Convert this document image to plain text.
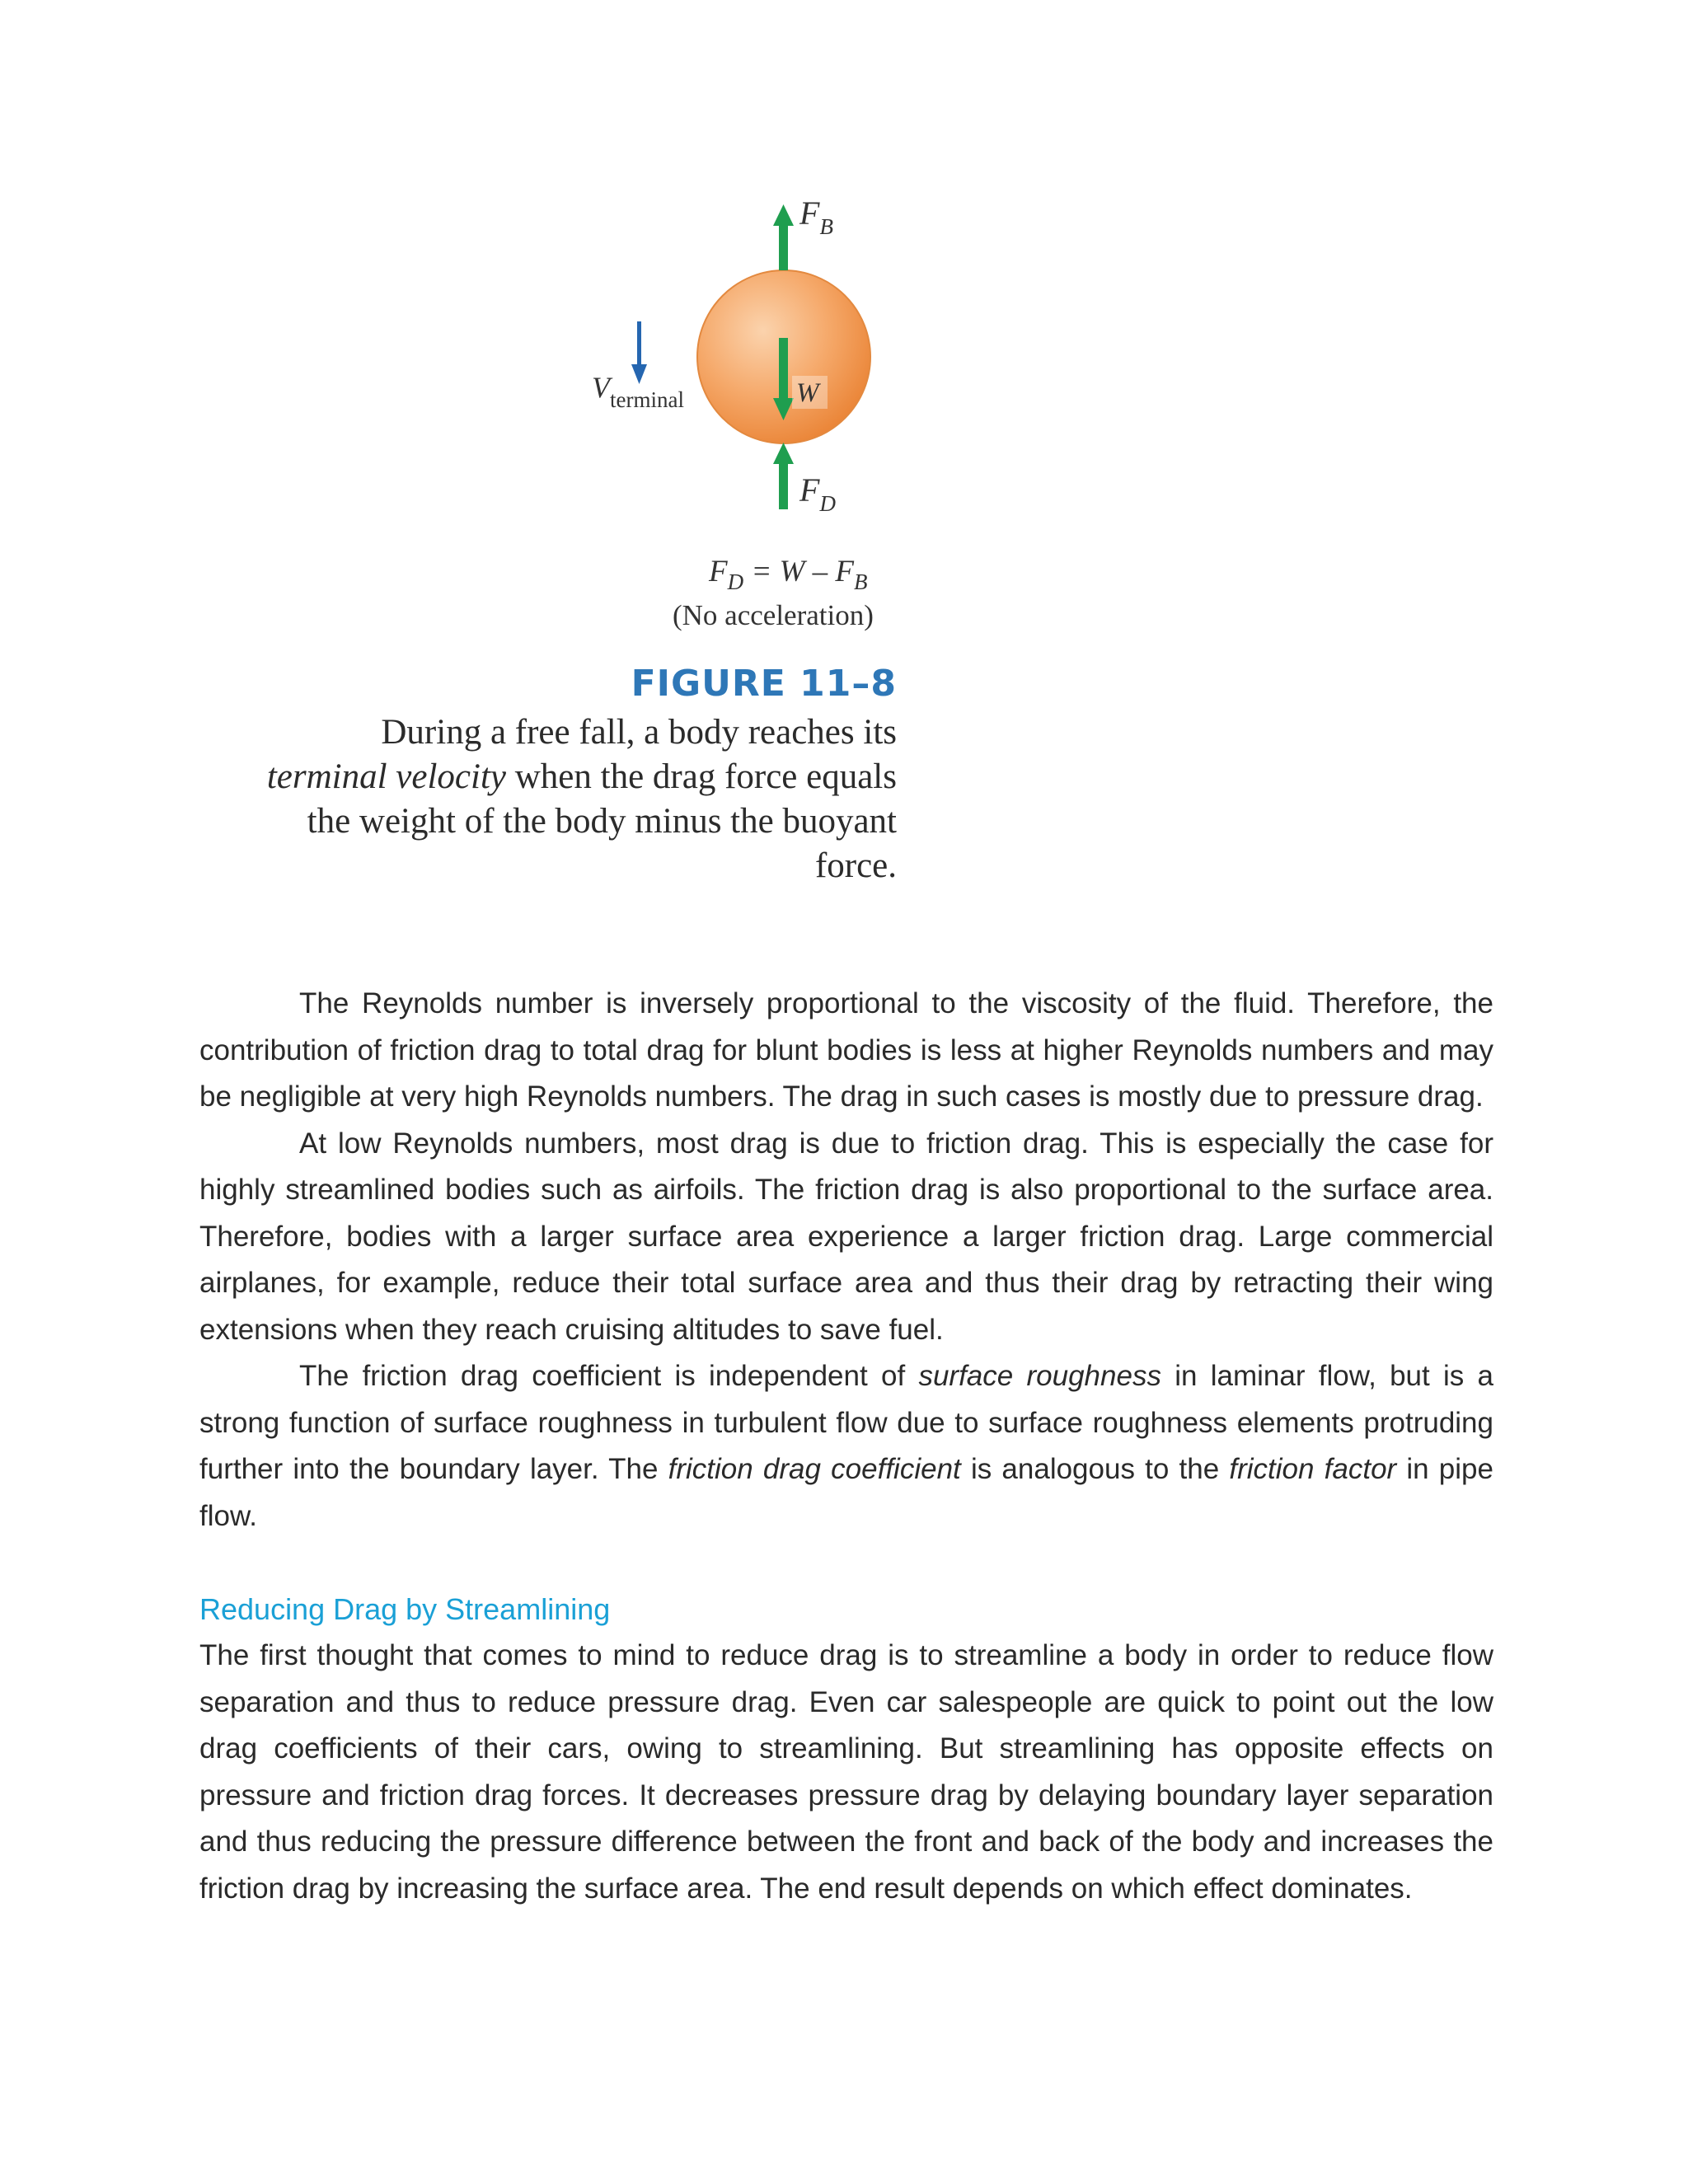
$F_B$
W
$F_D$
$V_{terminal}$
$F_D = W - F_B$
(No acceleration)
FIGURE 11–8
During a free fall, a body reaches its
terminal velocity when the drag force equals the weight of the body minus the buoyant force.

The Reynolds number is inversely proportional to the viscosity of the fluid. Therefore, the contribution of friction drag to total drag for blunt bodies is less at higher Reynolds numbers and may be negligible at very high Reynolds numbers. The drag in such cases is mostly due to pressure drag.

At low Reynolds numbers, most drag is due to friction drag. This is especially the case for highly streamlined bodies such as airfoils. The friction drag is also proportional to the surface area. Therefore, bodies with a larger surface area experience a larger friction drag. Large commercial airplanes, for example, reduce their total surface area and thus their drag by retracting their wing extensions when they reach cruising altitudes to save fuel.

The friction drag coefficient is independent of surface roughness in laminar flow, but is a strong function of surface roughness in turbulent flow due to surface roughness elements protruding further into the boundary layer. The friction drag coefficient is analogous to the friction factor in pipe flow.

Reducing Drag by Streamlining

The first thought that comes to mind to reduce drag is to streamline a body in order to reduce flow separation and thus to reduce pressure drag. Even car salespeople are quick to point out the low drag coefficients of their cars, owing to streamlining. But streamlining has opposite effects on pressure and friction drag forces. It decreases pressure drag by delaying boundary layer separation and thus reducing the pressure difference between the front and back of the body and increases the friction drag by increasing the surface area. The end result depends on which effect dominates.
